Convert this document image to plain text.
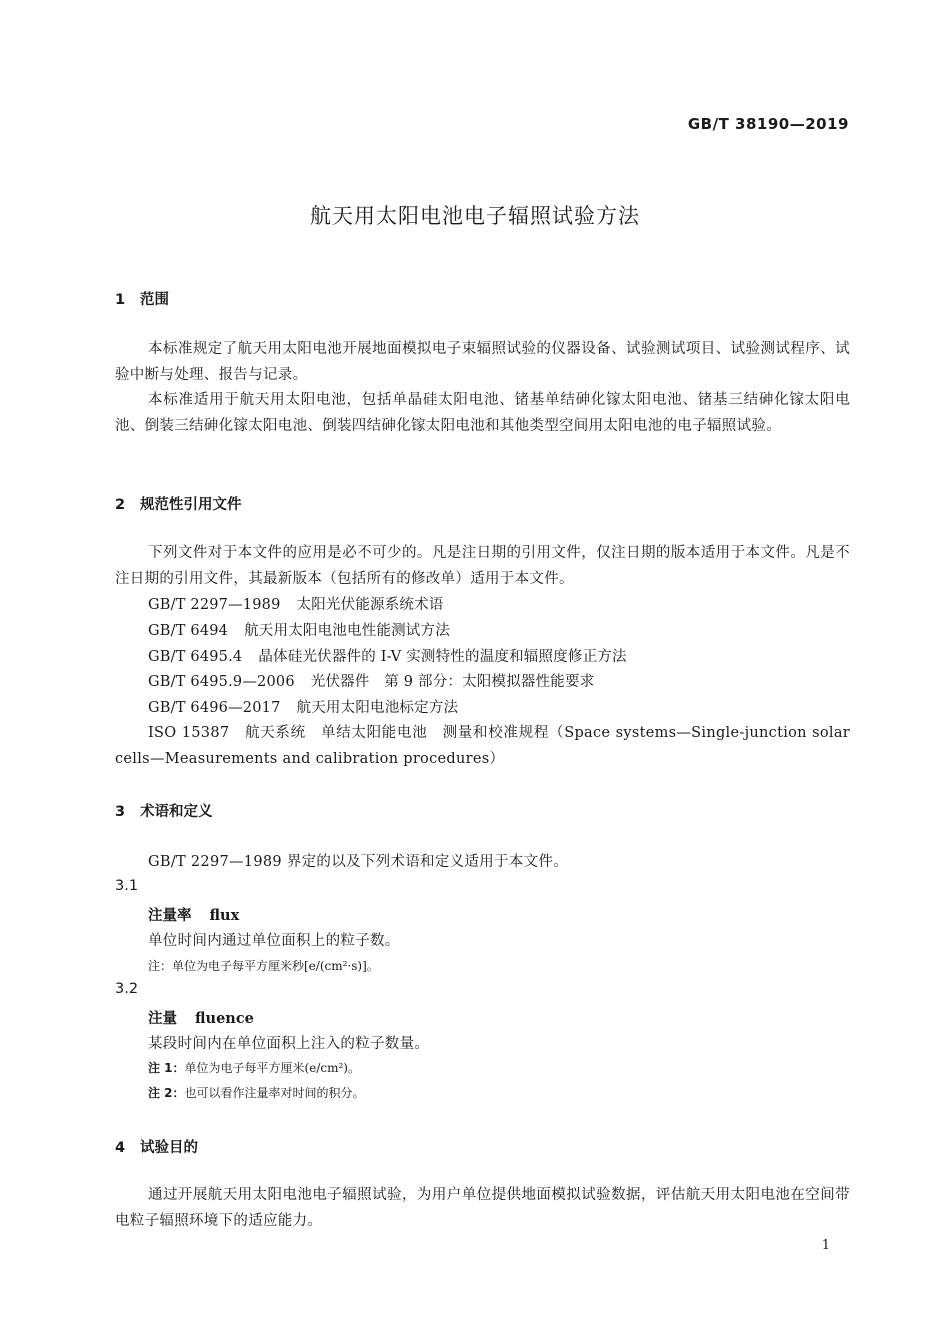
GB/T 38190—2019
航天用太阳电池电子辐照试验方法
1 范围
本标准规定了航天用太阳电池开展地面模拟电子束辐照试验的仪器设备、试验测试项目、试验测试程序、试验中断与处理、报告与记录。
本标准适用于航天用太阳电池，包括单晶硅太阳电池、锗基单结砷化镓太阳电池、锗基三结砷化镓太阳电池、倒装三结砷化镓太阳电池、倒装四结砷化镓太阳电池和其他类型空间用太阳电池的电子辐照试验。
2 规范性引用文件
下列文件对于本文件的应用是必不可少的。凡是注日期的引用文件，仅注日期的版本适用于本文件。凡是不注日期的引用文件，其最新版本（包括所有的修改单）适用于本文件。
GB/T 2297—1989 太阳光伏能源系统术语
GB/T 6494 航天用太阳电池电性能测试方法
GB/T 6495.4 晶体硅光伏器件的 I-V 实测特性的温度和辐照度修正方法
GB/T 6495.9—2006 光伏器件　第 9 部分：太阳模拟器性能要求
GB/T 6496—2017 航天用太阳电池标定方法
ISO 15387　航天系统　单结太阳能电池　测量和校准规程（Space systems—Single-junction solar cells—Measurements and calibration procedures）
3 术语和定义
GB/T 2297—1989 界定的以及下列术语和定义适用于本文件。
3.1
注量率 flux
单位时间内通过单位面积上的粒子数。
注：单位为电子每平方厘米秒[e/(cm²·s)]。
3.2
注量 fluence
某段时间内在单位面积上注入的粒子数量。
注 1：单位为电子每平方厘米(e/cm²)。
注 2：也可以看作注量率对时间的积分。
4 试验目的
通过开展航天用太阳电池电子辐照试验，为用户单位提供地面模拟试验数据，评估航天用太阳电池在空间带电粒子辐照环境下的适应能力。
1
